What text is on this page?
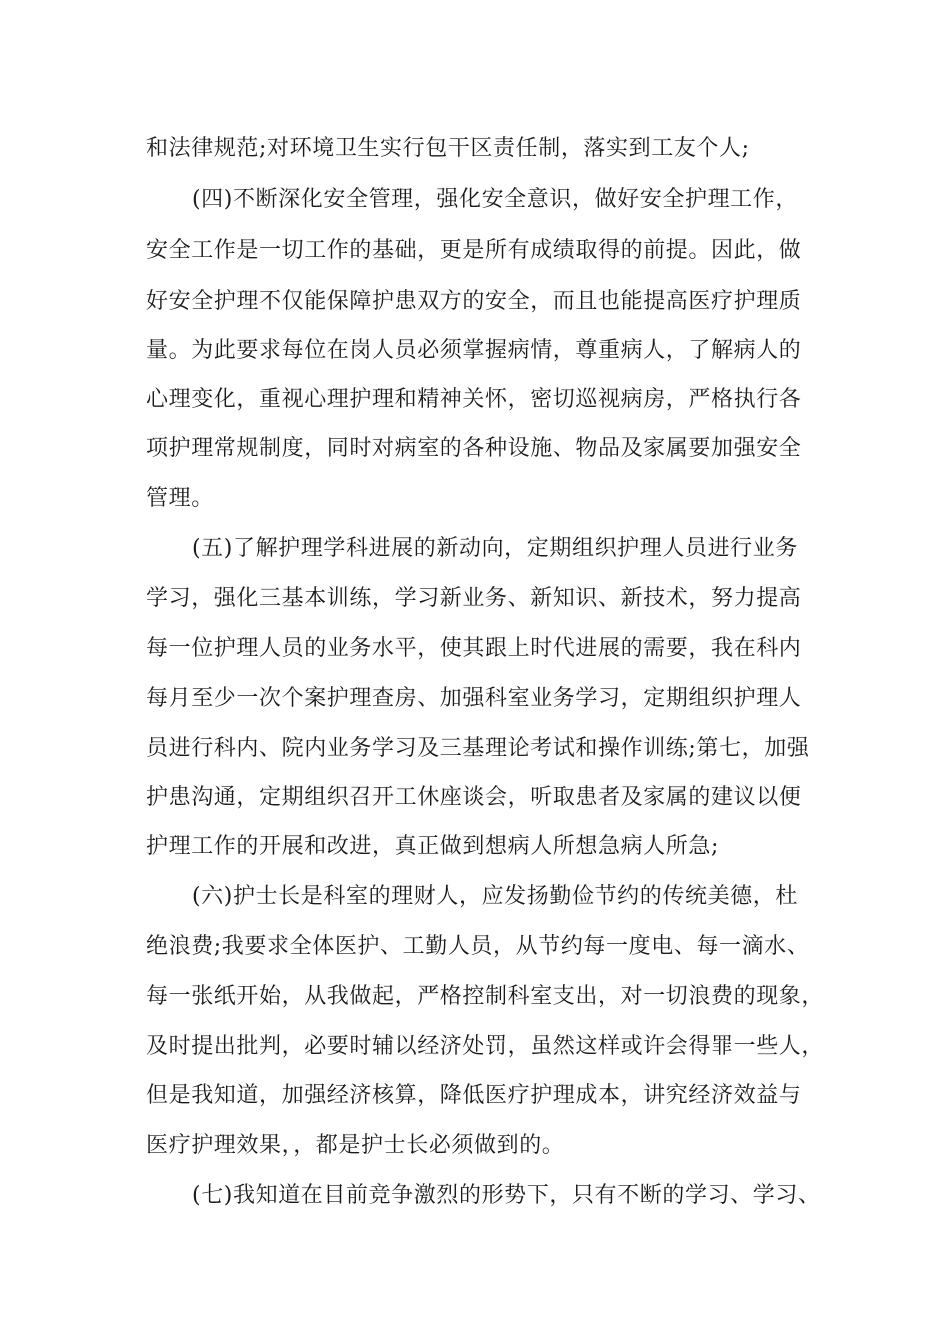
和法律规范;对环境卫生实行包干区责任制，落实到工友个人;

(四)不断深化安全管理，强化安全意识，做好安全护理工作，

安全工作是一切工作的基础，更是所有成绩取得的前提。因此，做

好安全护理不仅能保障护患双方的安全，而且也能提高医疗护理质

量。为此要求每位在岗人员必须掌握病情，尊重病人，了解病人的

心理变化，重视心理护理和精神关怀，密切巡视病房，严格执行各

项护理常规制度，同时对病室的各种设施、物品及家属要加强安全

管理。

(五)了解护理学科进展的新动向，定期组织护理人员进行业务

学习，强化三基本训练，学习新业务、新知识、新技术，努力提高

每一位护理人员的业务水平，使其跟上时代进展的需要，我在科内

每月至少一次个案护理查房、加强科室业务学习，定期组织护理人

员进行科内、院内业务学习及三基理论考试和操作训练;第七，加强

护患沟通，定期组织召开工休座谈会，听取患者及家属的建议以便

护理工作的开展和改进，真正做到想病人所想急病人所急;

(六)护士长是科室的理财人，应发扬勤俭节约的传统美德，杜

绝浪费;我要求全体医护、工勤人员，从节约每一度电、每一滴水、

每一张纸开始，从我做起，严格控制科室支出，对一切浪费的现象，

及时提出批判，必要时辅以经济处罚，虽然这样或许会得罪一些人，

但是我知道，加强经济核算，降低医疗护理成本，讲究经济效益与

医疗护理效果，，都是护士长必须做到的。

(七)我知道在目前竞争激烈的形势下，只有不断的学习、学习、
